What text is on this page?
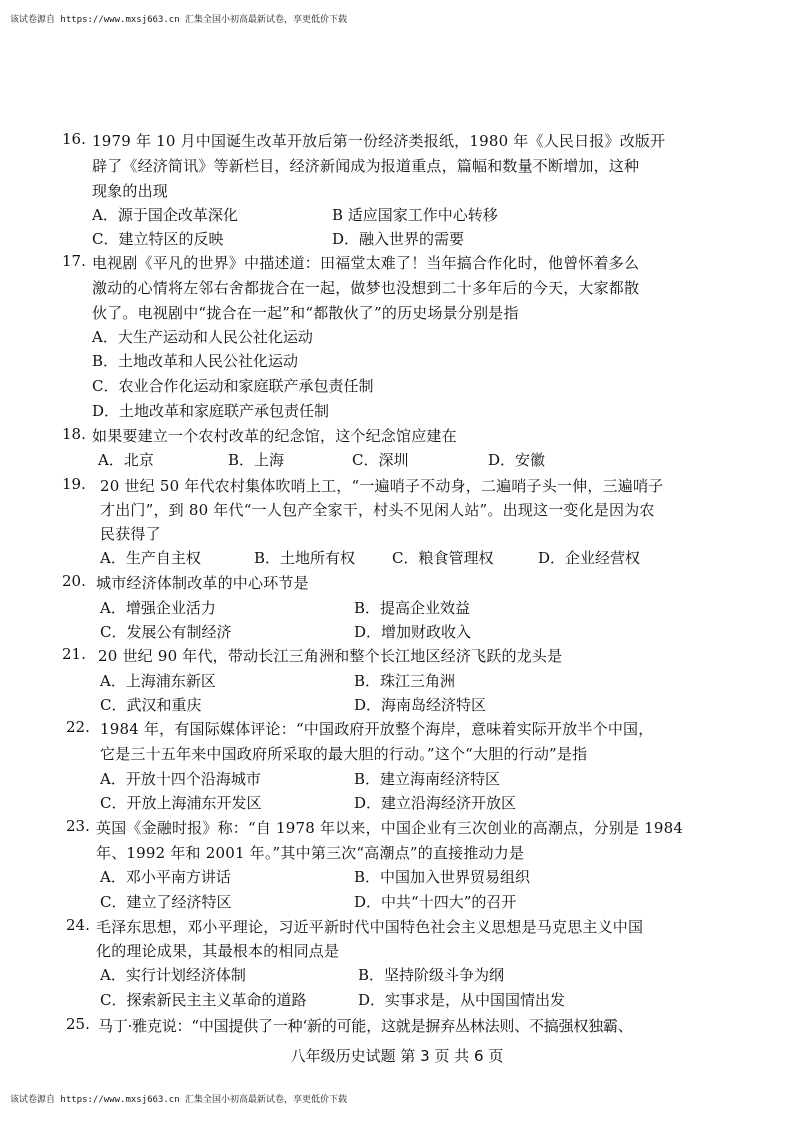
该试卷源自 https://www.mxsj663.cn 汇集全国小初高最新试卷，享更低价下载
16. 1979 年 10 月中国诞生改革开放后第一份经济类报纸，1980 年《人民日报》改版开
辟了《经济简讯》等新栏目，经济新闻成为报道重点，篇幅和数量不断增加，这种
现象的出现
A．源于国企改革深化	B 适应国家工作中心转移
C．建立特区的反映	D．融入世界的需要
17. 电视剧《平凡的世界》中描述道：田福堂太难了！当年搞合作化时，他曾怀着多么
激动的心情将左邻右舍都拢合在一起，做梦也没想到二十多年后的今天，大家都散
伙了。电视剧中“拢合在一起”和“都散伙了”的历史场景分别是指
A．大生产运动和人民公社化运动
B．土地改革和人民公社化运动
C．农业合作化运动和家庭联产承包责任制
D．土地改革和家庭联产承包责任制
18. 如果要建立一个农村改革的纪念馆，这个纪念馆应建在
A．北京	B．上海	C．深圳	D．安徽
19. 20 世纪 50 年代农村集体吹哨上工，“一遍哨子不动身，二遍哨子头一伸，三遍哨子
才出门”，到 80 年代“一人包产全家干，村头不见闲人站”。出现这一变化是因为农
民获得了
A．生产自主权	B．土地所有权 C．粮食管理权	D．企业经营权
20. 城市经济体制改革的中心环节是
A．增强企业活力	B．提高企业效益
C．发展公有制经济	D．增加财政收入
21. 20 世纪 90 年代，带动长江三角洲和整个长江地区经济飞跃的龙头是
A．上海浦东新区	B．珠江三角洲
C．武汉和重庆	D．海南岛经济特区
22. 1984 年，有国际媒体评论：“中国政府开放整个海岸，意味着实际开放半个中国，
它是三十五年来中国政府所采取的最大胆的行动。”这个“大胆的行动”是指
A．开放十四个沿海城市	B．建立海南经济特区
C．开放上海浦东开发区	D．建立沿海经济开放区
23. 英国《金融时报》称：“自 1978 年以来，中国企业有三次创业的高潮点，分别是 1984
年、1992 年和 2001 年。”其中第三次“高潮点”的直接推动力是
A．邓小平南方讲话	B．中国加入世界贸易组织
C．建立了经济特区	D．中共“十四大”的召开
24. 毛泽东思想，邓小平理论，习近平新时代中国特色社会主义思想是马克思主义中国
化的理论成果，其最根本的相同点是
A．实行计划经济体制	B．坚持阶级斗争为纲
C．探索新民主主义革命的道路	D．实事求是，从中国国情出发
25. 马丁·雅克说：“中国提供了一种‘新的可能，这就是摒弃丛林法则、不搞强权独霸、
八年级历史试题 第 3 页 共 6 页
该试卷源自 https://www.mxsj663.cn 汇集全国小初高最新试卷，享更低价下载
